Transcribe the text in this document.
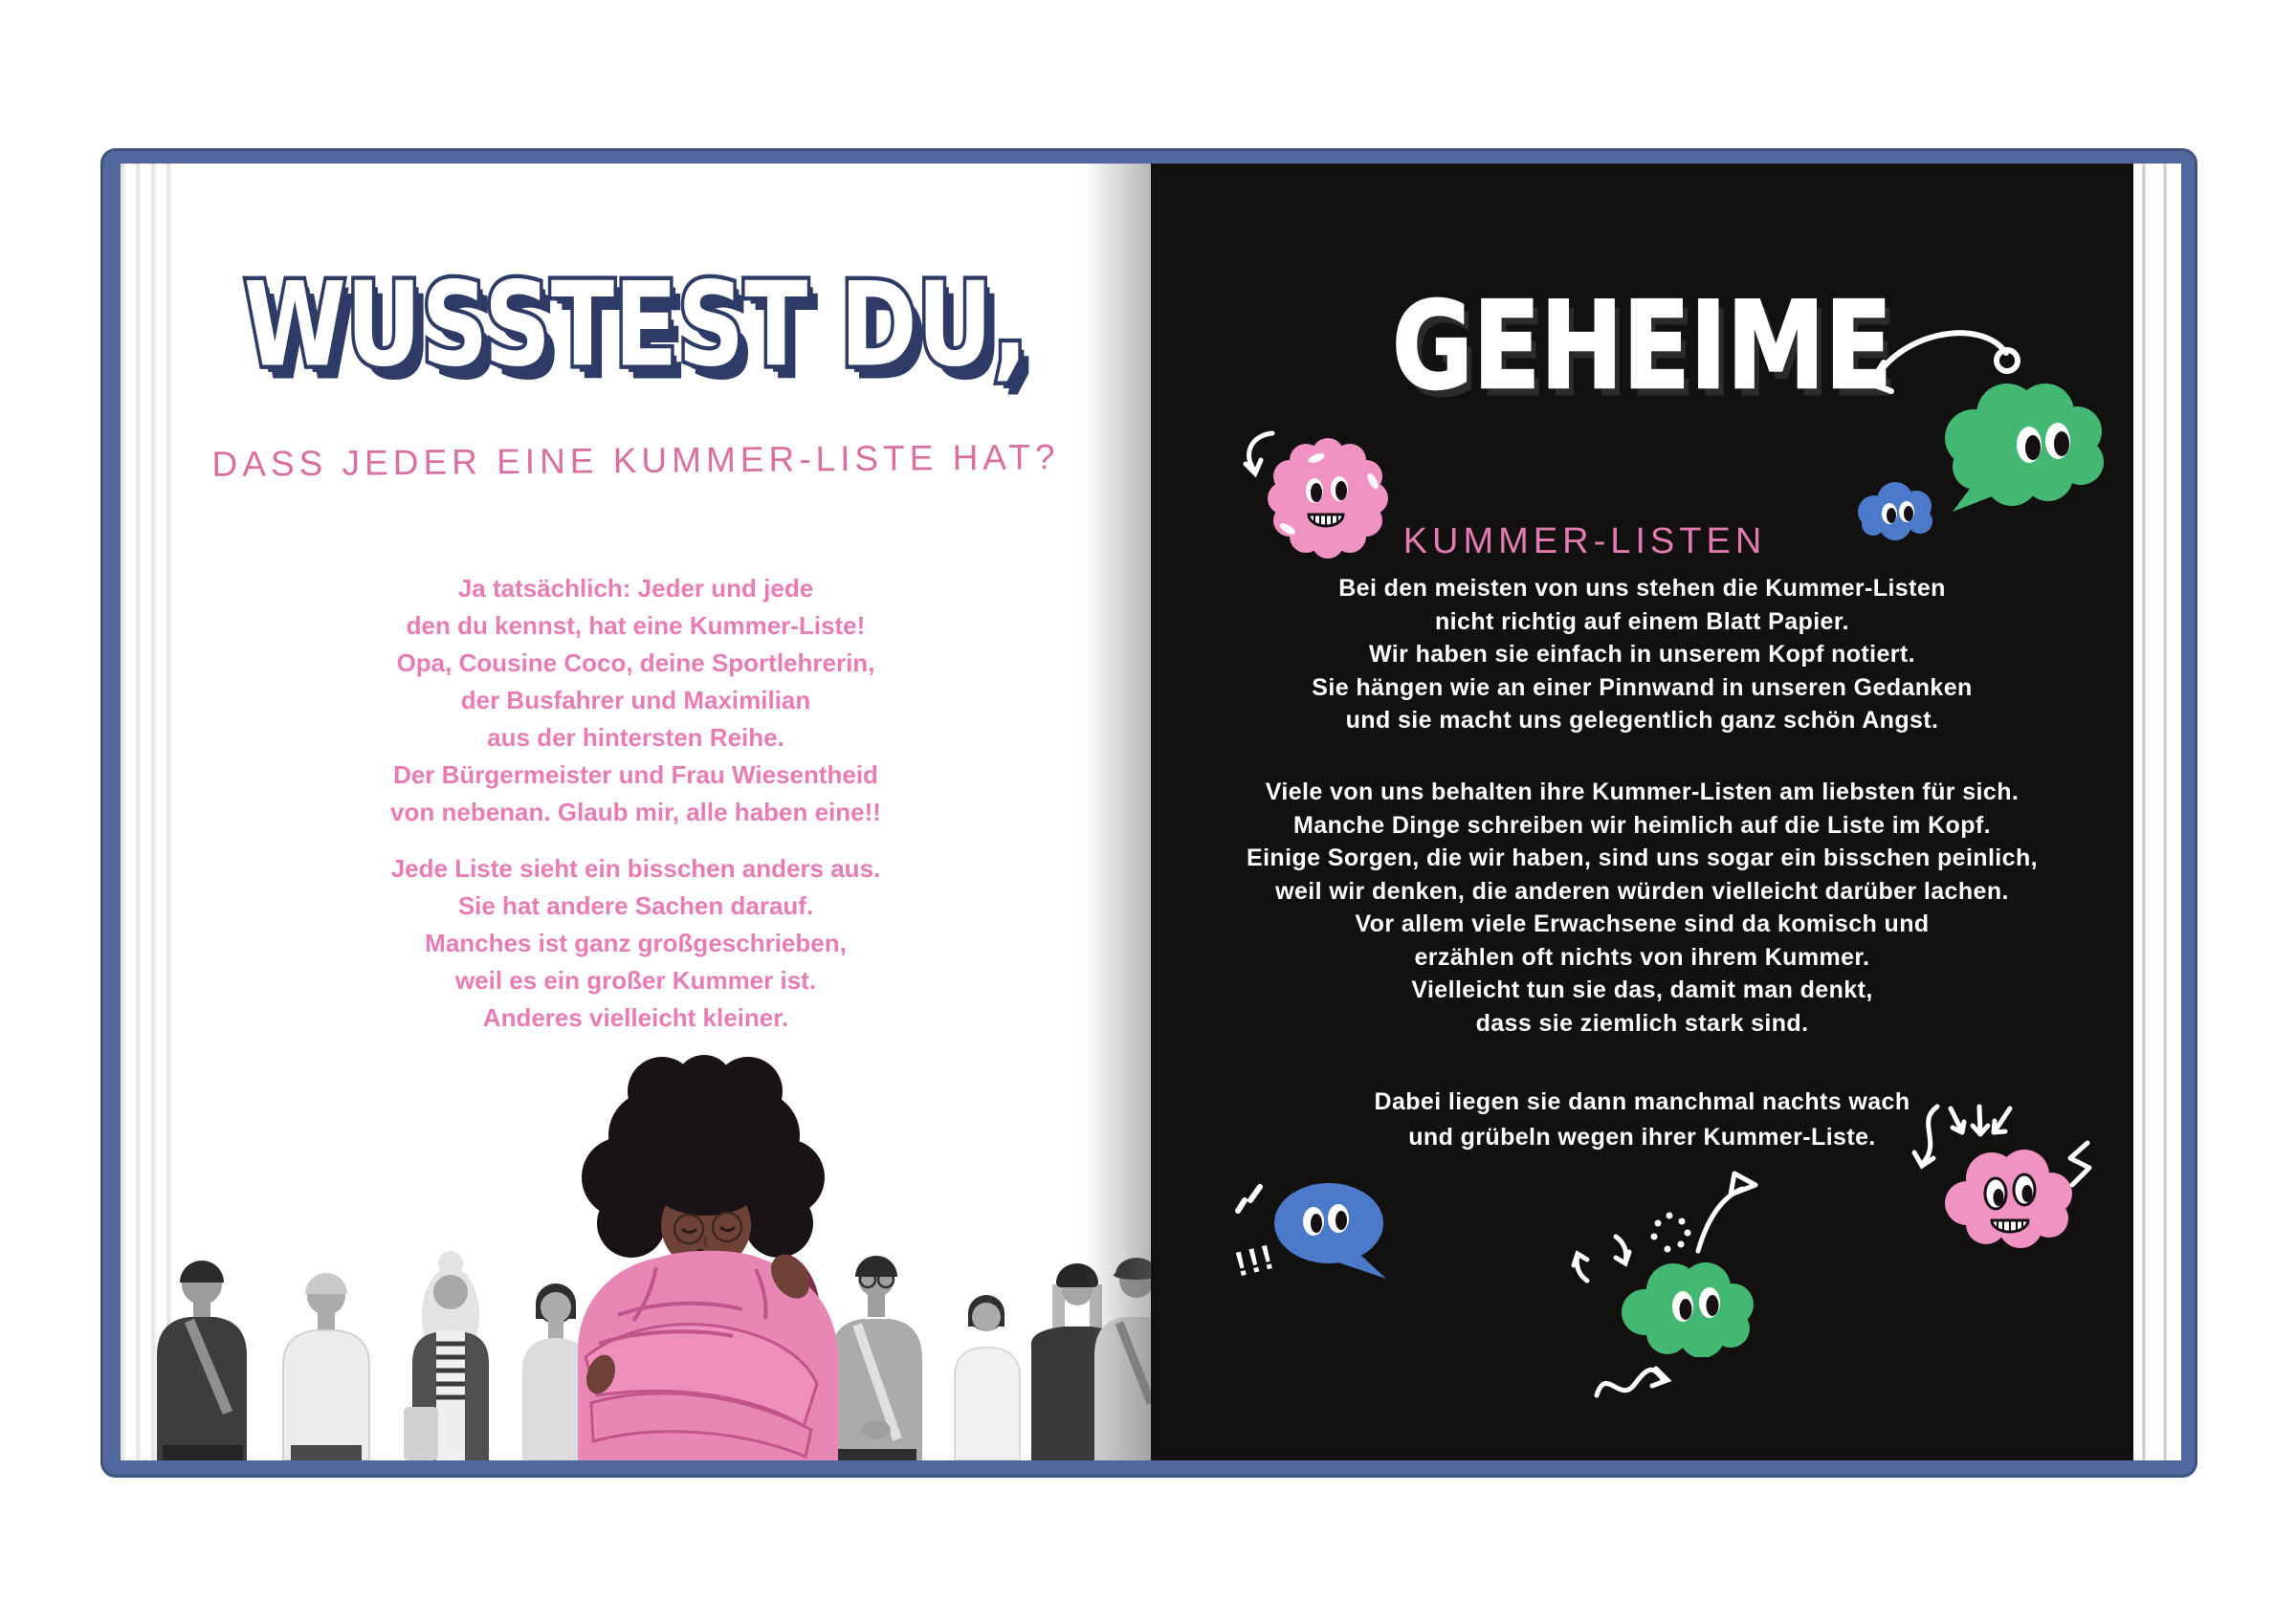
WUSSTEST DU,
DASS JEDER EINE KUMMER-LISTE HAT?
Ja tatsächlich: Jeder und jede
den du kennst, hat eine Kummer-Liste!
Opa, Cousine Coco, deine Sportlehrerin,
der Busfahrer und Maximilian
aus der hintersten Reihe.
Der Bürgermeister und Frau Wiesentheid
von nebenan. Glaub mir, alle haben eine!!
Jede Liste sieht ein bisschen anders aus.
Sie hat andere Sachen darauf.
Manches ist ganz großgeschrieben,
weil es ein großer Kummer ist.
Anderes vielleicht kleiner.
GEHEIME
KUMMER-LISTEN
Bei den meisten von uns stehen die Kummer-Listen
nicht richtig auf einem Blatt Papier.
Wir haben sie einfach in unserem Kopf notiert.
Sie hängen wie an einer Pinnwand in unseren Gedanken
und sie macht uns gelegentlich ganz schön Angst.
Viele von uns behalten ihre Kummer-Listen am liebsten für sich.
Manche Dinge schreiben wir heimlich auf die Liste im Kopf.
Einige Sorgen, die wir haben, sind uns sogar ein bisschen peinlich,
weil wir denken, die anderen würden vielleicht darüber lachen.
Vor allem viele Erwachsene sind da komisch und
erzählen oft nichts von ihrem Kummer.
Vielleicht tun sie das, damit man denkt,
dass sie ziemlich stark sind.
Dabei liegen sie dann manchmal nachts wach
und grübeln wegen ihrer Kummer-Liste.
!!!
